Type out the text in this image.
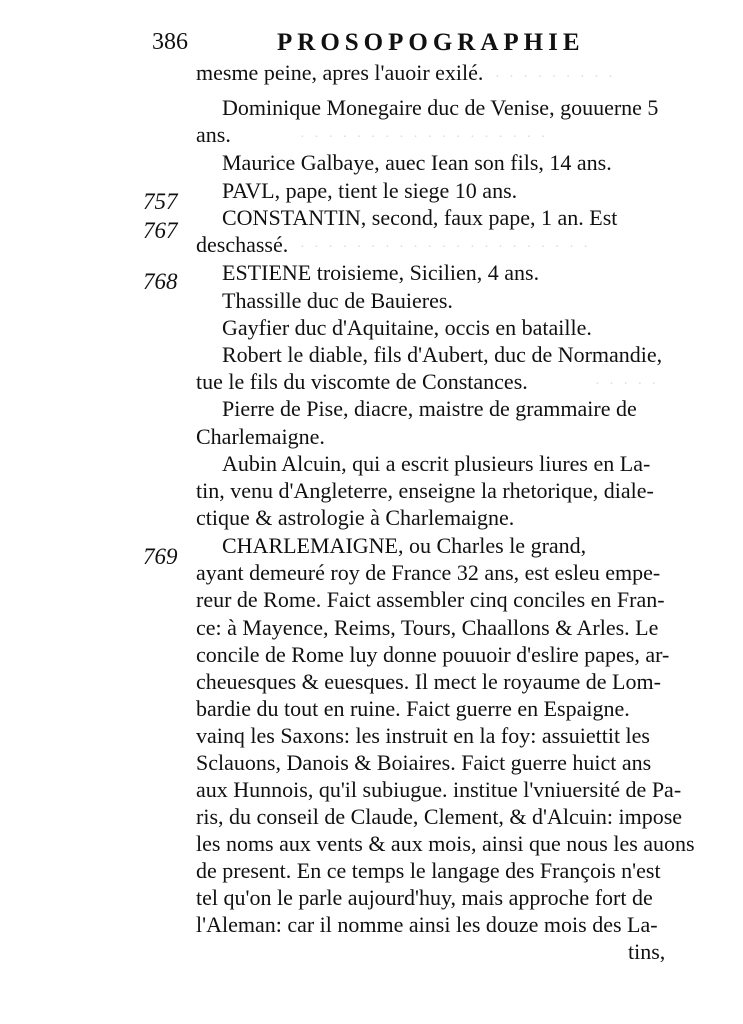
386	PROSOPOGRAPHIE
757
767
768
769
· · · · · · · · ·
· · · · · · · · · · · · · · · · · ·
· · · · · · · · · · · · · · · · · · · · ·
· · · · ·
mesme peine, apres l'auoir exilé.
Dominique Monegaire duc de Venise, gouuerne 5
ans.
Maurice Galbaye, auec Iean son fils, 14 ans.
PAVL, pape, tient le siege 10 ans.
CONSTANTIN, second, faux pape, 1 an. Est
deschassé.
ESTIENE troisieme, Sicilien, 4 ans.
Thassille duc de Bauieres.
Gayfier duc d'Aquitaine, occis en bataille.
Robert le diable, fils d'Aubert, duc de Normandie,
tue le fils du viscomte de Constances.
Pierre de Pise, diacre, maistre de grammaire de
Charlemaigne.
Aubin Alcuin, qui a escrit plusieurs liures en La-
tin, venu d'Angleterre, enseigne la rhetorique, diale-
ctique & astrologie à Charlemaigne.
CHARLEMAIGNE, ou Charles le grand,
ayant demeuré roy de France 32 ans, est esleu empe-
reur de Rome. Faict assembler cinq conciles en Fran-
ce: à Mayence, Reims, Tours, Chaallons & Arles. Le
concile de Rome luy donne pouuoir d'eslire papes, ar-
cheuesques & euesques. Il mect le royaume de Lom-
bardie du tout en ruine. Faict guerre en Espaigne.
vainq les Saxons: les instruit en la foy: assuiettit les
Sclauons, Danois & Boiaires. Faict guerre huict ans
aux Hunnois, qu'il subiugue. institue l'vniuersité de Pa-
ris, du conseil de Claude, Clement, & d'Alcuin: impose
les noms aux vents & aux mois, ainsi que nous les auons
de present. En ce temps le langage des François n'est
tel qu'on le parle aujourd'huy, mais approche fort de
l'Aleman: car il nomme ainsi les douze mois des La-
tins,
